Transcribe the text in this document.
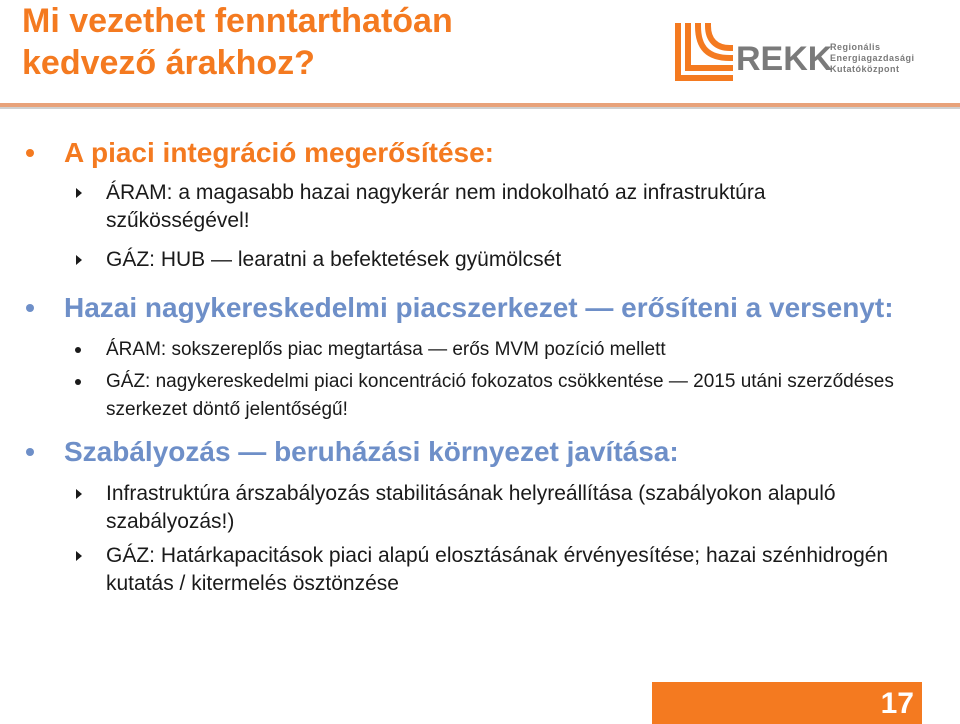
Mi vezethet fenntarthatóan
kedvező árakhoz?	REKK
Regionális
Energiagazdasági
Kutatóközpont
A piaci integráció megerősítése:
ÁRAM: a magasabb hazai nagykerár nem indokolható az infrastruktúra szűkösségével!
GÁZ: HUB — learatni a befektetések gyümölcsét
Hazai nagykereskedelmi piacszerkezet — erősíteni a versenyt:
ÁRAM: sokszereplős piac megtartása — erős MVM pozíció mellett
GÁZ: nagykereskedelmi piaci koncentráció fokozatos csökkentése — 2015 utáni szerződéses szerkezet döntő jelentőségű!
Szabályozás — beruházási környezet javítása:
Infrastruktúra árszabályozás stabilitásának helyreállítása (szabályokon alapuló szabályozás!)
GÁZ: Határkapacitások piaci alapú elosztásának érvényesítése; hazai szénhidrogén kutatás / kitermelés ösztönzése
17
